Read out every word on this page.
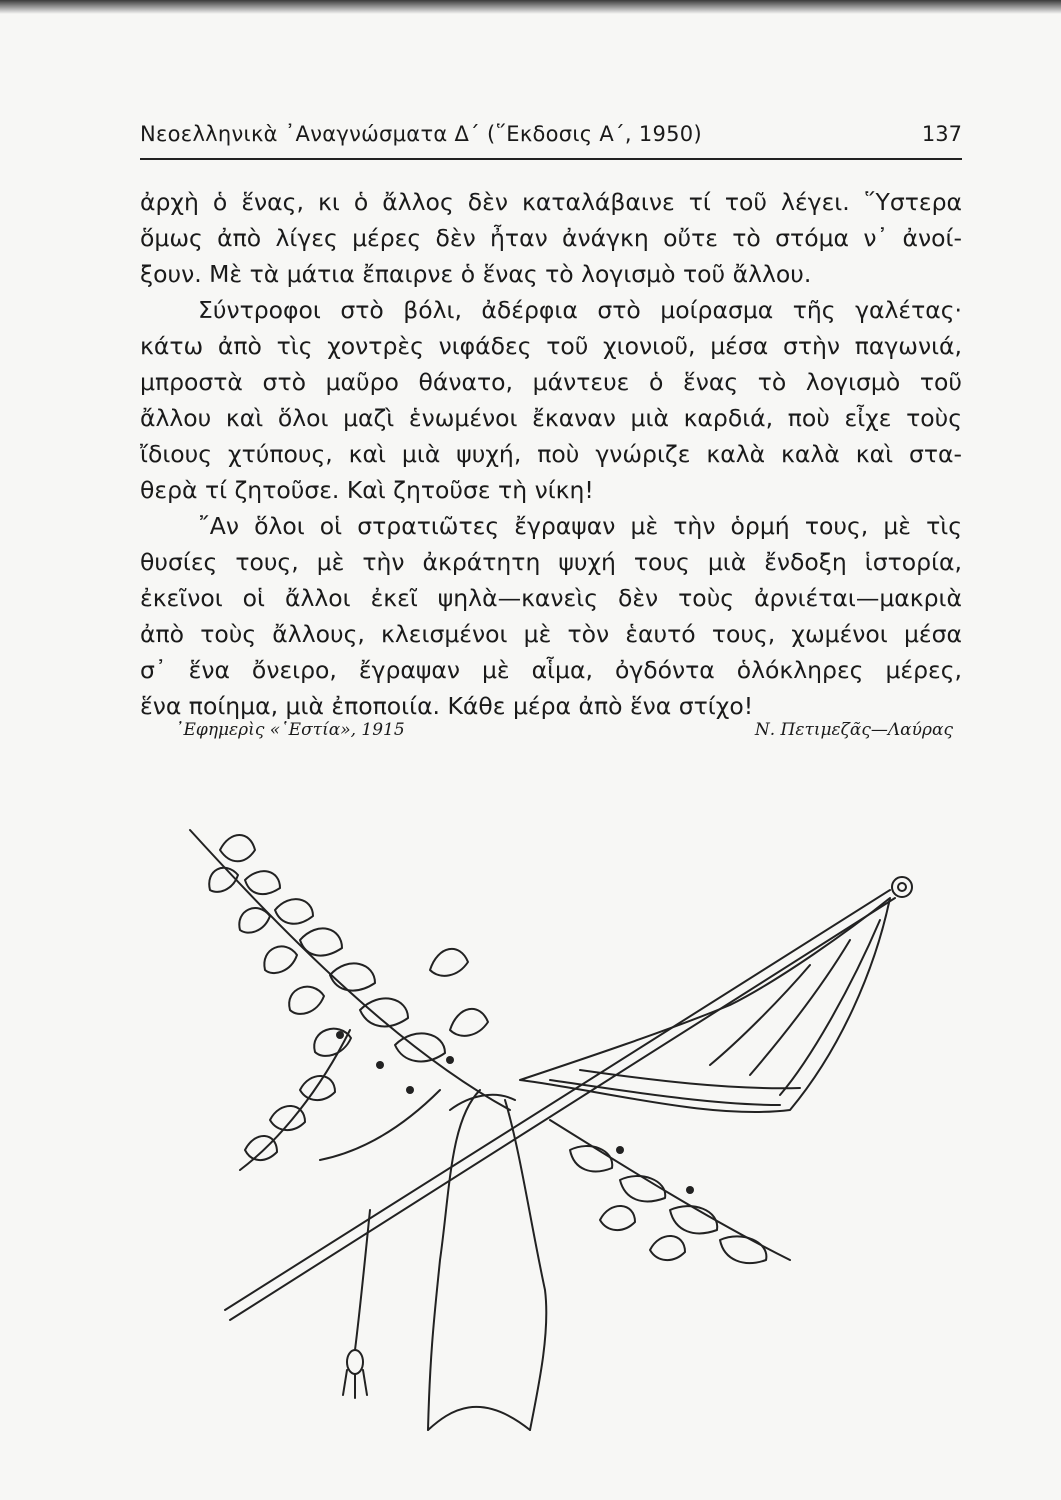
Νεοελληνικὰ ᾿Αναγνώσματα Δ΄ (῞Εκδοσις Α΄, 1950)	137
ἀρχὴ ὁ ἕνας, κι ὁ ἄλλος δὲν καταλάβαινε τί τοῦ λέγει. ῞Υστερα
ὅμως ἀπὸ λίγες μέρες δὲν ἦταν ἀνάγκη οὔτε τὸ στόμα ν᾿ ἀνοί-
ξουν. Μὲ τὰ μάτια ἔπαιρνε ὁ ἕνας τὸ λογισμὸ τοῦ ἄλλου.
Σύντροφοι στὸ βόλι, ἀδέρφια στὸ μοίρασμα τῆς γαλέτας·
κάτω ἀπὸ τὶς χοντρὲς νιφάδες τοῦ χιονιοῦ, μέσα στὴν παγωνιά,
μπροστὰ στὸ μαῦρο θάνατο, μάντευε ὁ ἕνας τὸ λογισμὸ τοῦ
ἄλλου καὶ ὅλοι μαζὶ ἑνωμένοι ἔκαναν μιὰ καρδιά, ποὺ εἶχε τοὺς
ἴδιους χτύπους, καὶ μιὰ ψυχή, ποὺ γνώριζε καλὰ καλὰ καὶ στα-
θερὰ τί ζητοῦσε. Καὶ ζητοῦσε τὴ νίκη!
῎Αν ὅλοι οἱ στρατιῶτες ἔγραψαν μὲ τὴν ὁρμή τους, μὲ τὶς
θυσίες τους, μὲ τὴν ἀκράτητη ψυχή τους μιὰ ἔνδοξη ἱστορία,
ἐκεῖνοι οἱ ἄλλοι ἐκεῖ ψηλὰ—κανεὶς δὲν τοὺς ἀρνιέται—μακριὰ
ἀπὸ τοὺς ἄλλους, κλεισμένοι μὲ τὸν ἑαυτό τους, χωμένοι μέσα
σ᾿ ἕνα ὄνειρο, ἔγραψαν μὲ αἷμα, ὀγδόντα ὁλόκληρες μέρες,
ἕνα ποίημα, μιὰ ἐποποιία. Κάθε μέρα ἀπὸ ἕνα στίχο!
᾿Εφημερὶς «῾Εστία», 1915	Ν. Πετιμεζᾶς—Λαύρας
